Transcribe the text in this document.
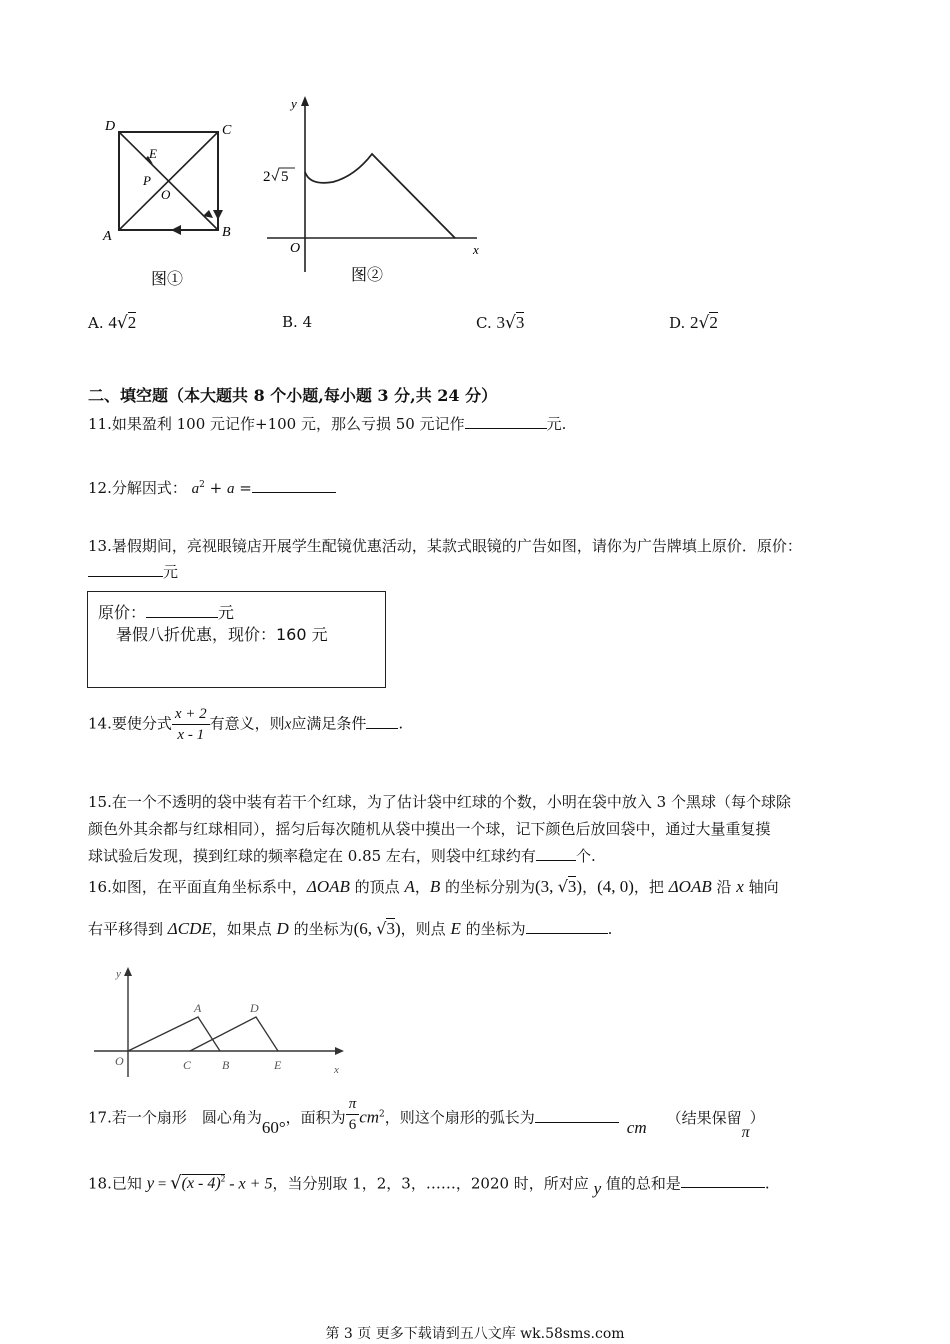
D	C
A	B
E
P
O
图①
y
x
O
2 5
图②
A. 4√2	B. 4	C. 3√3	D. 2√2
二、填空题（本大题共 8 个小题,每小题 3 分,共 24 分）
11.如果盈利 100 元记作+100 元，那么亏损 50 元记作	元.
12.分解因式： $a^2 + a$ =
13.暑假期间，亮视眼镜店开展学生配镜优惠活动，某款式眼镜的广告如图，请你为广告牌填上原价．原价：
元
原价：	元
暑假八折优惠，现价：160 元
14.要使分式 $\frac{x + 2}{x - 1}$ 有意义，则x应满足条件 .
15.在一个不透明的袋中装有若干个红球，为了估计袋中红球的个数，小明在袋中放入 3 个黑球（每个球除
颜色外其余都与红球相同），摇匀后每次随机从袋中摸出一个球，记下颜色后放回袋中，通过大量重复摸
球试验后发现，摸到红球的频率稳定在 0.85 左右，则袋中红球约有	个.
16.如图，在平面直角坐标系中，ΔOAB 的顶点 A，B 的坐标分别为(3, √3)，(4, 0)，把 ΔOAB 沿 x 轴向
右平移得到 ΔCDE，如果点 D 的坐标为(6, √3)，则点 E 的坐标为	.
y
x
O
A	D
C	B	E
17.若一个扇形　圆心角为60°，面积为 $\frac{\pi}{6} cm^2$，则这个扇形的弧长为	cm （结果保留π）
18.已知 y = √(x - 4)$^2$ - x + 5，当分别取 1，2，3，……，2020 时，所对应 y 值的总和是	.
第 3 页 更多下载请到五八文库 wk.58sms.com
